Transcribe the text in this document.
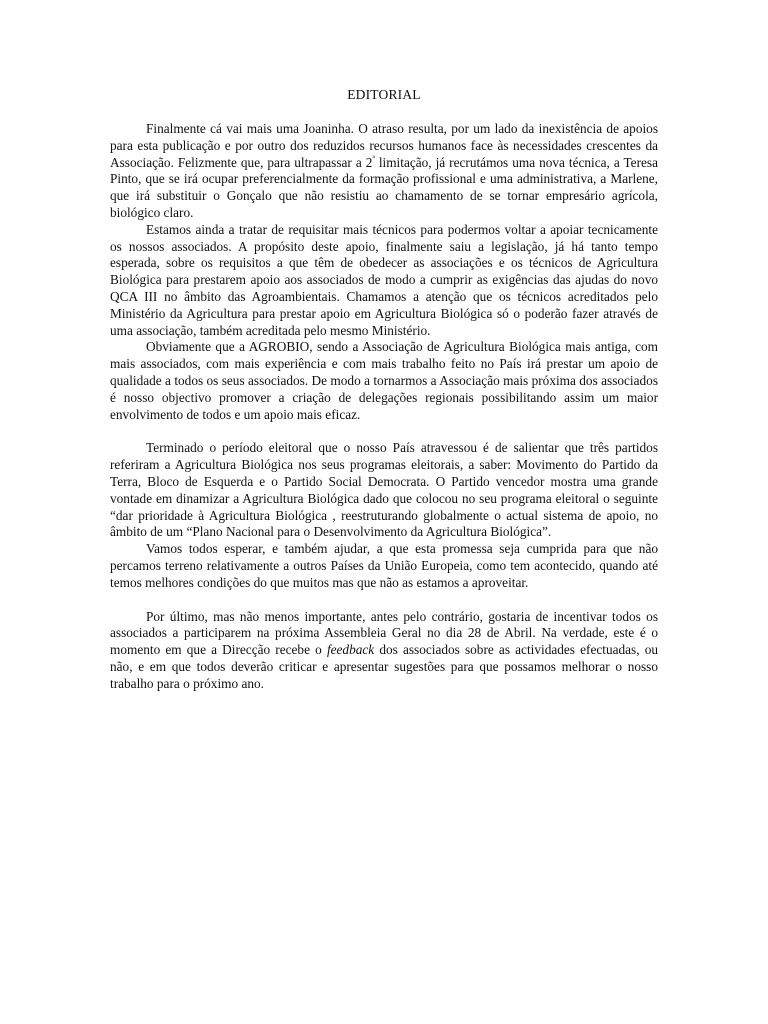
EDITORIAL

Finalmente cá vai mais uma Joaninha. O atraso resulta, por um lado da inexistência de apoios para esta publicação e por outro dos reduzidos recursos humanos face às necessidades crescentes da Associação. Felizmente que, para ultrapassar a $2^ª$ limitação, já recrutámos uma nova técnica, a Teresa Pinto, que se irá ocupar preferencialmente da formação profissional e uma administrativa, a Marlene, que irá substituir o Gonçalo que não resistiu ao chamamento de se tornar empresário agrícola, biológico claro.

Estamos ainda a tratar de requisitar mais técnicos para podermos voltar a apoiar tecnicamente os nossos associados. A propósito deste apoio, finalmente saiu a legislação, já há tanto tempo esperada, sobre os requisitos a que têm de obedecer as associações e os técnicos de Agricultura Biológica para prestarem apoio aos associados de modo a cumprir as exigências das ajudas do novo QCA III no âmbito das Agroambientais. Chamamos a atenção que os técnicos acreditados pelo Ministério da Agricultura para prestar apoio em Agricultura Biológica só o poderão fazer através de uma associação, também acreditada pelo mesmo Ministério.

Obviamente que a AGROBIO, sendo a Associação de Agricultura Biológica mais antiga, com mais associados, com mais experiência e com mais trabalho feito no País irá prestar um apoio de qualidade a todos os seus associados. De modo a tornarmos a Associação mais próxima dos associados é nosso objectivo promover a criação de delegações regionais possibilitando assim um maior envolvimento de todos e um apoio mais eficaz.

Terminado o período eleitoral que o nosso País atravessou é de salientar que três partidos referiram a Agricultura Biológica nos seus programas eleitorais, a saber: Movimento do Partido da Terra, Bloco de Esquerda e o Partido Social Democrata. O Partido vencedor mostra uma grande vontade em dinamizar a Agricultura Biológica dado que colocou no seu programa eleitoral o seguinte “dar prioridade à Agricultura Biológica , reestruturando globalmente o actual sistema de apoio, no âmbito de um “Plano Nacional para o Desenvolvimento da Agricultura Biológica”.

Vamos todos esperar, e também ajudar, a que esta promessa seja cumprida para que não percamos terreno relativamente a outros Países da União Europeia, como tem acontecido, quando até temos melhores condições do que muitos mas que não as estamos a aproveitar.

Por último, mas não menos importante, antes pelo contrário, gostaria de incentivar todos os associados a participarem na próxima Assembleia Geral no dia 28 de Abril. Na verdade, este é o momento em que a Direcção recebe o feedback dos associados sobre as actividades efectuadas, ou não, e em que todos deverão criticar e apresentar sugestões para que possamos melhorar o nosso trabalho para o próximo ano.
